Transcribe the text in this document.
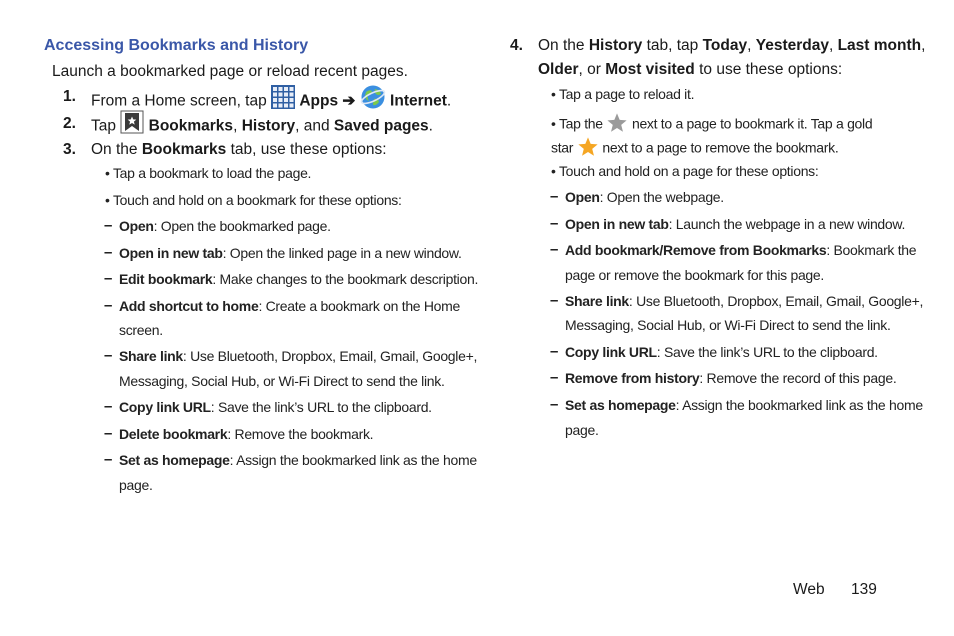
Accessing Bookmarks and History
Launch a bookmarked page or reload recent pages.
1. From a Home screen, tap Apps ➔ Internet.
2. Tap Bookmarks, History, and Saved pages.
3. On the Bookmarks tab, use these options:
• Tap a bookmark to load the page.
• Touch and hold on a bookmark for these options:
– Open: Open the bookmarked page.
– Open in new tab: Open the linked page in a new window.
– Edit bookmark: Make changes to the bookmark description.
– Add shortcut to home: Create a bookmark on the Home
screen.
– Share link: Use Bluetooth, Dropbox, Email, Gmail, Google+,
Messaging, Social Hub, or Wi-Fi Direct to send the link.
– Copy link URL: Save the link’s URL to the clipboard.
– Delete bookmark: Remove the bookmark.
– Set as homepage: Assign the bookmarked link as the home
page.
4. On the History tab, tap Today, Yesterday, Last month,
Older, or Most visited to use these options:
• Tap a page to reload it.
• Tap the next to a page to bookmark it. Tap a gold
star next to a page to remove the bookmark.
• Touch and hold on a page for these options:
– Open: Open the webpage.
– Open in new tab: Launch the webpage in a new window.
– Add bookmark/Remove from Bookmarks: Bookmark the
page or remove the bookmark for this page.
– Share link: Use Bluetooth, Dropbox, Email, Gmail, Google+,
Messaging, Social Hub, or Wi-Fi Direct to send the link.
– Copy link URL: Save the link’s URL to the clipboard.
– Remove from history: Remove the record of this page.
– Set as homepage: Assign the bookmarked link as the home
page.
Web 139
